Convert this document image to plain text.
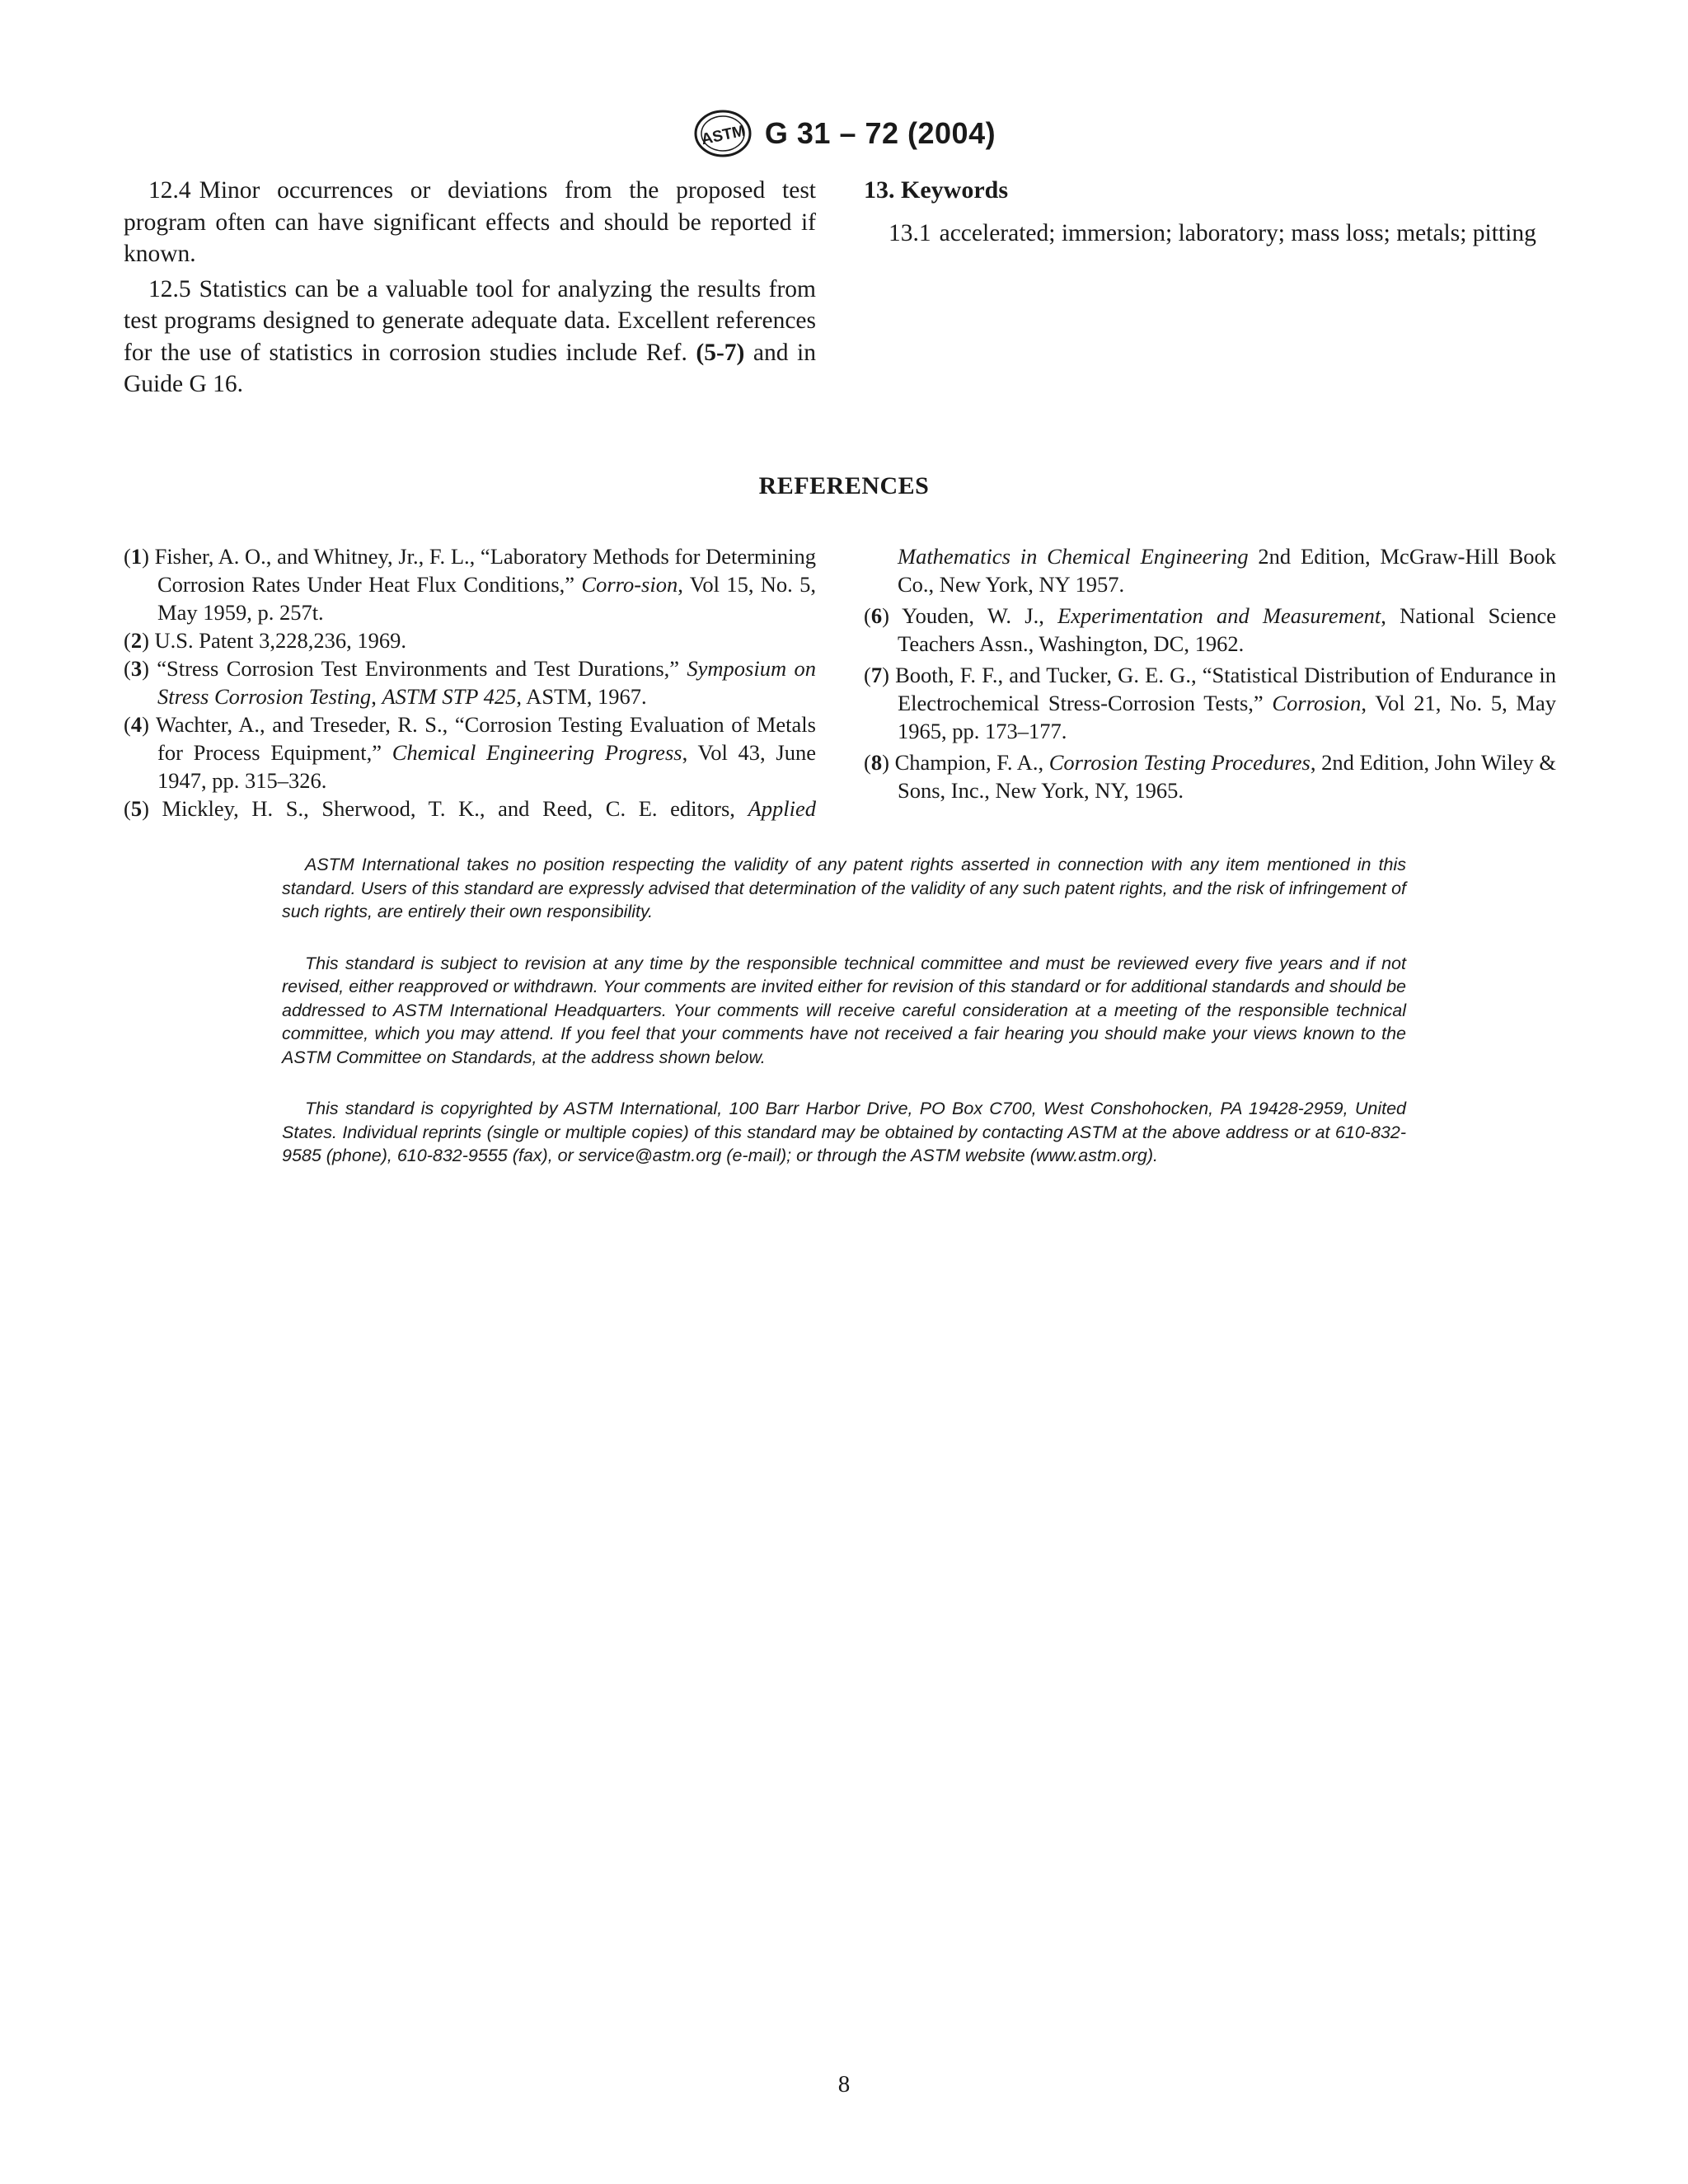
ASTM G 31 – 72 (2004)

12.4 Minor occurrences or deviations from the proposed test program often can have significant effects and should be reported if known.

12.5 Statistics can be a valuable tool for analyzing the results from test programs designed to generate adequate data. Excellent references for the use of statistics in corrosion studies include Ref. (5-7) and in Guide G 16.

13. Keywords

13.1 accelerated; immersion; laboratory; mass loss; metals; pitting

REFERENCES
(1) Fisher, A. O., and Whitney, Jr., F. L., “Laboratory Methods for Determining Corrosion Rates Under Heat Flux Conditions,” Corro-sion, Vol 15, No. 5, May 1959, p. 257t.
(2) U.S. Patent 3,228,236, 1969.
(3) “Stress Corrosion Test Environments and Test Durations,” Symposium on Stress Corrosion Testing, ASTM STP 425, ASTM, 1967.
(4) Wachter, A., and Treseder, R. S., “Corrosion Testing Evaluation of Metals for Process Equipment,” Chemical Engineering Progress, Vol 43, June 1947, pp. 315–326.
(5) Mickley, H. S., Sherwood, T. K., and Reed, C. E. editors, Applied
Mathematics in Chemical Engineering 2nd Edition, McGraw-Hill Book Co., New York, NY 1957.
(6) Youden, W. J., Experimentation and Measurement, National Science Teachers Assn., Washington, DC, 1962.
(7) Booth, F. F., and Tucker, G. E. G., “Statistical Distribution of Endurance in Electrochemical Stress-Corrosion Tests,” Corrosion, Vol 21, No. 5, May 1965, pp. 173–177.
(8) Champion, F. A., Corrosion Testing Procedures, 2nd Edition, John Wiley & Sons, Inc., New York, NY, 1965.

ASTM International takes no position respecting the validity of any patent rights asserted in connection with any item mentioned in this standard. Users of this standard are expressly advised that determination of the validity of any such patent rights, and the risk of infringement of such rights, are entirely their own responsibility.

This standard is subject to revision at any time by the responsible technical committee and must be reviewed every five years and if not revised, either reapproved or withdrawn. Your comments are invited either for revision of this standard or for additional standards and should be addressed to ASTM International Headquarters. Your comments will receive careful consideration at a meeting of the responsible technical committee, which you may attend. If you feel that your comments have not received a fair hearing you should make your views known to the ASTM Committee on Standards, at the address shown below.

This standard is copyrighted by ASTM International, 100 Barr Harbor Drive, PO Box C700, West Conshohocken, PA 19428-2959, United States. Individual reprints (single or multiple copies) of this standard may be obtained by contacting ASTM at the above address or at 610-832-9585 (phone), 610-832-9555 (fax), or service@astm.org (e-mail); or through the ASTM website (www.astm.org).

8
